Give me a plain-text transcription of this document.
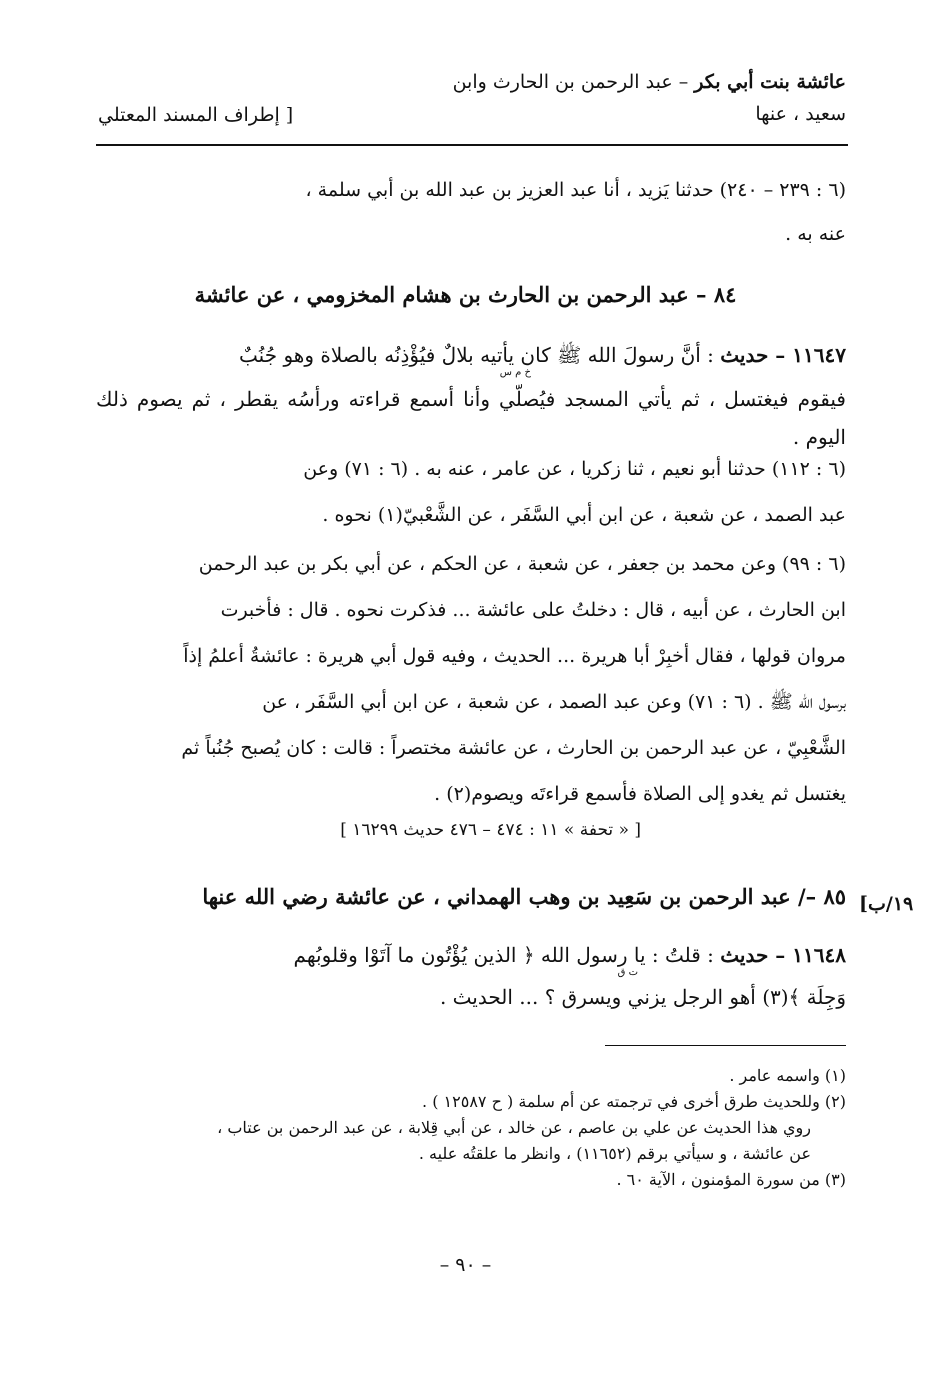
عائشة بنت أبي بكر – عبد الرحمن بن الحارث وابن
سعيد ، عنها
[ إطراف المسند المعتلي
(٦ : ٢٣٩ – ٢٤٠) حدثنا يَزيد ، أنا عبد العزيز بن عبد الله بن أبي سلمة ،
عنه به .
٨٤ – عبد الرحمن بن الحارث بن هشام المخزومي ، عن عائشة
١١٦٤٧ – حديث : أنَّ رسولَ الله ﷺ كان يأتيه بلالٌ فيُؤْذِنُه بالصلاة وهو جُنُبٌ
خ م س
فيقوم فيغتسل ، ثم يأتي المسجد فيُصلّي وأنا أسمع قراءته ورأسُه يقطر ، ثم يصوم ذلك اليوم .
(٦ : ١١٢) حدثنا أبو نعيم ، ثنا زكريا ، عن عامر ، عنه به . (٦ : ٧١) وعن
عبد الصمد ، عن شعبة ، عن ابن أبي السَّفَر ، عن الشَّعْبيّ(١) نحوه .
(٦ : ٩٩) وعن محمد بن جعفر ، عن شعبة ، عن الحكم ، عن أبي بكر بن عبد الرحمن
ابن الحارث ، عن أبيه ، قال : دخلتُ على عائشة ... فذكرت نحوه . قال : فأخبرت
مروان قولها ، فقال أخبِرْ أبا هريرة ... الحديث ، وفيه قول أبي هريرة : عائشةُ أعلمُ إذاً
برسول الله ﷺ . (٦ : ٧١) وعن عبد الصمد ، عن شعبة ، عن ابن أبي السَّفَر ، عن
الشَّعْبِيّ ، عن عبد الرحمن بن الحارث ، عن عائشة مختصراً : قالت : كان يُصبح جُنُباً ثم
يغتسل ثم يغدو إلى الصلاة فأسمع قراءتَه ويصوم(٢) .
[ « تحفة » ١١ : ٤٧٤ – ٤٧٦ حديث ١٦٢٩٩ ]
١٩/ب]
٨٥ –/ عبد الرحمن بن سَعِيد بن وهب الهمداني ، عن عائشة رضي الله عنها
١١٦٤٨ – حديث : قلتُ : يا رسول الله ﴿ الذين يُؤْتُون ما آتَوْا وقلوبُهم
ت ق
وَجِلَة ﴾(٣) أهو الرجل يزني ويسرق ؟ ... الحديث .
(١) واسمه عامر .
(٢) وللحديث طرق أخرى في ترجمته عن أم سلمة ( ح ١٢٥٨٧ ) .
روي هذا الحديث عن علي بن عاصم ، عن خالد ، عن أبي قِلابة ، عن عبد الرحمن بن عتاب ،
عن عائشة ، و سيأتي برقم (١١٦٥٢) ، وانظر ما علقتُه عليه .
(٣) من سورة المؤمنون ، الآية ٦٠ .
– ٩٠ –
